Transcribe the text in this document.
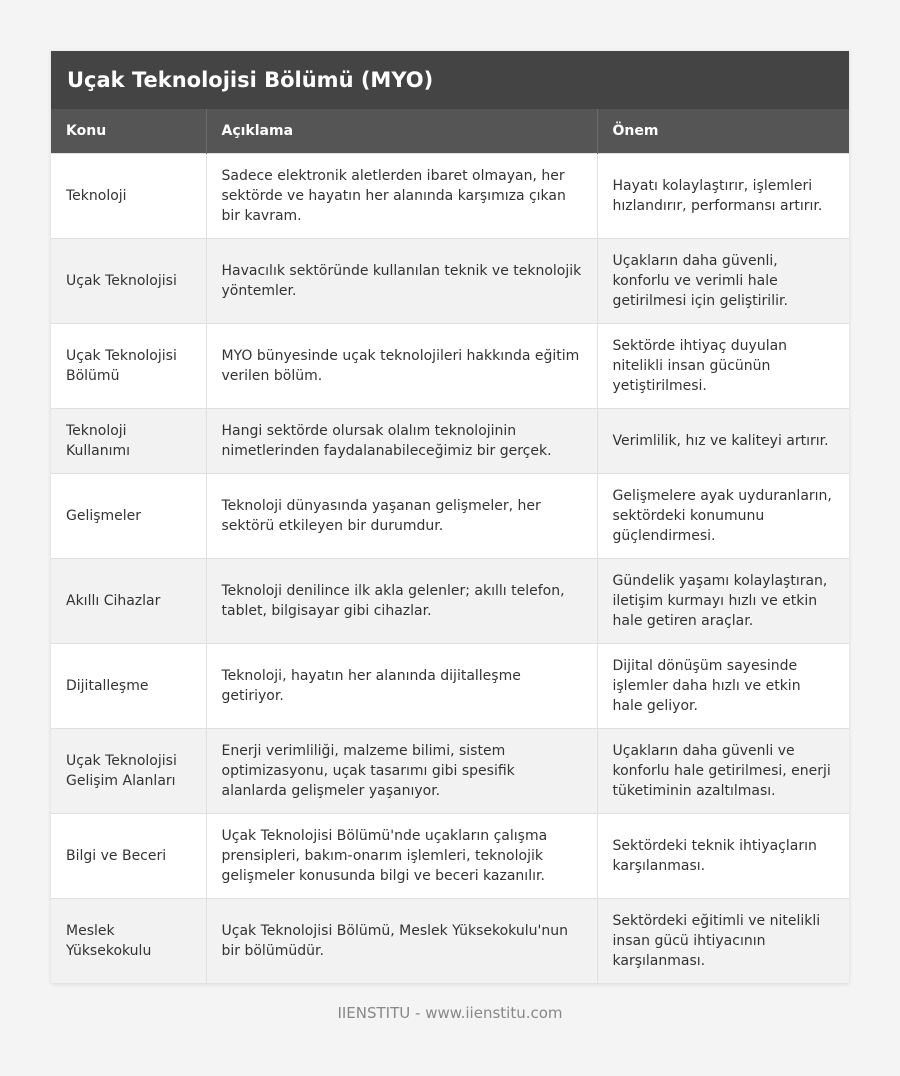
Uçak Teknolojisi Bölümü (MYO)
Konu	Açıklama	Önem
Teknoloji	Sadece elektronik aletlerden ibaret olmayan, her sektörde ve hayatın her alanında karşımıza çıkan bir kavram.	Hayatı kolaylaştırır, işlemleri hızlandırır, performansı artırır.
Uçak Teknolojisi	Havacılık sektöründe kullanılan teknik ve teknolojik yöntemler.	Uçakların daha güvenli, konforlu ve verimli hale getirilmesi için geliştirilir.
Uçak Teknolojisi Bölümü	MYO bünyesinde uçak teknolojileri hakkında eğitim verilen bölüm.	Sektörde ihtiyaç duyulan nitelikli insan gücünün yetiştirilmesi.
Teknoloji Kullanımı	Hangi sektörde olursak olalım teknolojinin nimetlerinden faydalanabileceğimiz bir gerçek.	Verimlilik, hız ve kaliteyi artırır.
Gelişmeler	Teknoloji dünyasında yaşanan gelişmeler, her sektörü etkileyen bir durumdur.	Gelişmelere ayak uyduranların, sektördeki konumunu güçlendirmesi.
Akıllı Cihazlar	Teknoloji denilince ilk akla gelenler; akıllı telefon, tablet, bilgisayar gibi cihazlar.	Gündelik yaşamı kolaylaştıran, iletişim kurmayı hızlı ve etkin hale getiren araçlar.
Dijitalleşme	Teknoloji, hayatın her alanında dijitalleşme getiriyor.	Dijital dönüşüm sayesinde işlemler daha hızlı ve etkin hale geliyor.
Uçak Teknolojisi Gelişim Alanları	Enerji verimliliği, malzeme bilimi, sistem optimizasyonu, uçak tasarımı gibi spesifik alanlarda gelişmeler yaşanıyor.	Uçakların daha güvenli ve konforlu hale getirilmesi, enerji tüketiminin azaltılması.
Bilgi ve Beceri	Uçak Teknolojisi Bölümü'nde uçakların çalışma prensipleri, bakım-onarım işlemleri, teknolojik gelişmeler konusunda bilgi ve beceri kazanılır.	Sektördeki teknik ihtiyaçların karşılanması.
Meslek Yüksekokulu	Uçak Teknolojisi Bölümü, Meslek Yüksekokulu'nun bir bölümüdür.	Sektördeki eğitimli ve nitelikli insan gücü ihtiyacının karşılanması.
IIENSTITU - www.iienstitu.com
